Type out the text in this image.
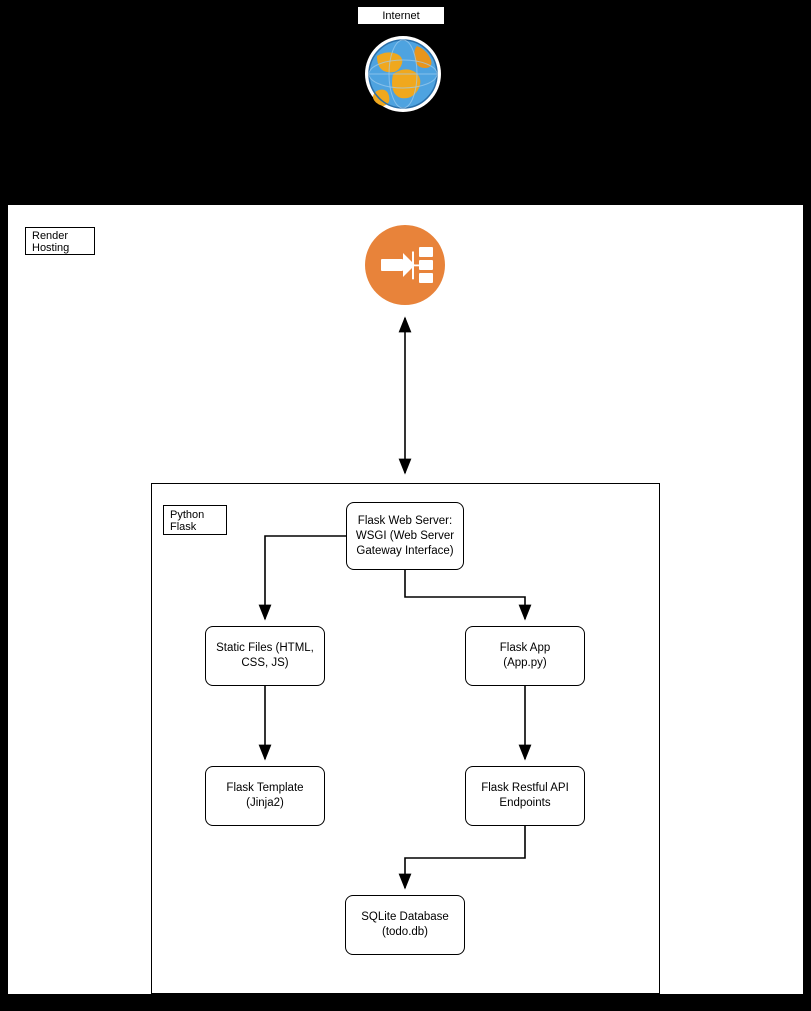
Internet
Render
Hosting
Python
Flask
Flask Web Server:
WSGI (Web Server
Gateway Interface)
Static Files (HTML,
CSS, JS)
Flask App
(App.py)
Flask Template
(Jinja2)
Flask Restful API
Endpoints
SQLite Database
(todo.db)
